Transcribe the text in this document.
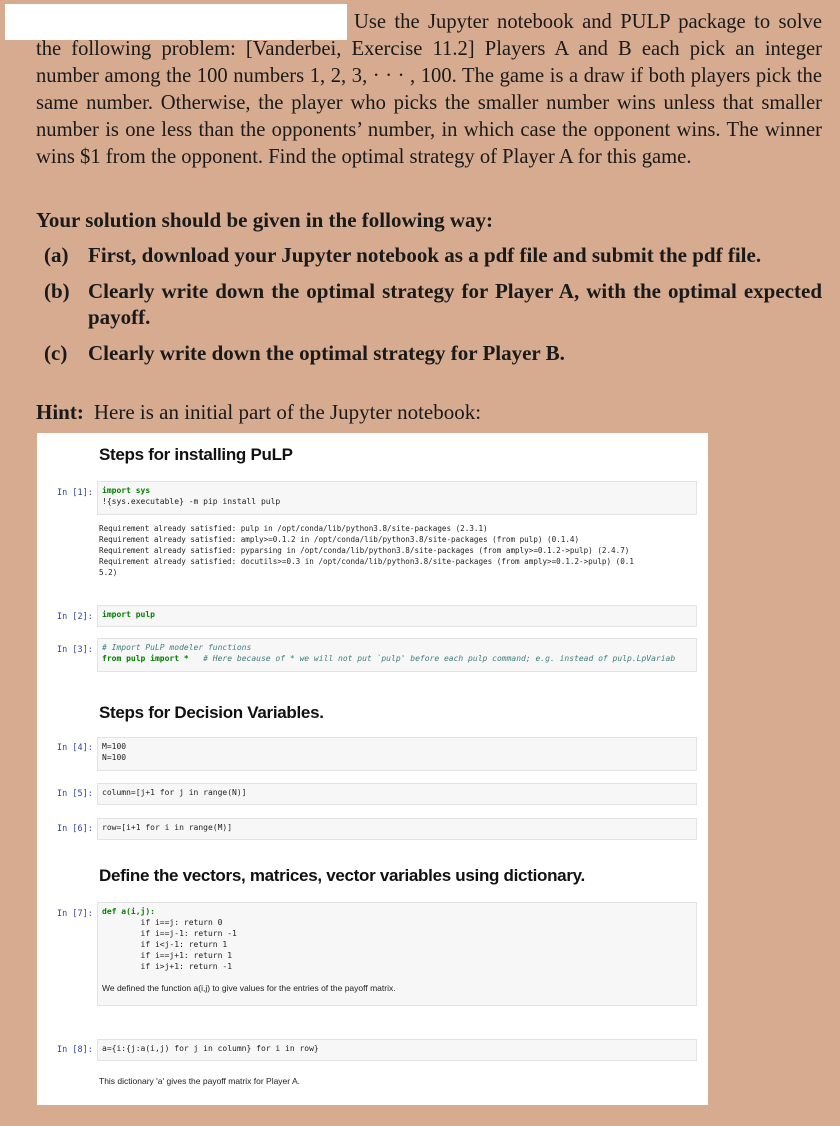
Use the Jupyter notebook and PULP package to solve the following problem: [Vanderbei, Exercise 11.2] Players A and B each pick an integer number among the 100 numbers 1, 2, 3, · · · , 100. The game is a draw if both players pick the same number. Otherwise, the player who picks the smaller number wins unless that smaller number is one less than the opponents’ number, in which case the opponent wins. The winner wins $1 from the opponent. Find the optimal strategy of Player A for this game.

Your solution should be given in the following way:

(a) First, download your Jupyter notebook as a pdf file and submit the pdf file.
(b) Clearly write down the optimal strategy for Player A, with the optimal expected payoff.
(c) Clearly write down the optimal strategy for Player B.

Hint: Here is an initial part of the Jupyter notebook:

Steps for installing PuLP
In [1]:	import sys
!{sys.executable} -m pip install pulp
Requirement already satisfied: pulp in /opt/conda/lib/python3.8/site-packages (2.3.1)
Requirement already satisfied: amply>=0.1.2 in /opt/conda/lib/python3.8/site-packages (from pulp) (0.1.4)
Requirement already satisfied: pyparsing in /opt/conda/lib/python3.8/site-packages (from amply>=0.1.2->pulp) (2.4.7)
Requirement already satisfied: docutils>=0.3 in /opt/conda/lib/python3.8/site-packages (from amply>=0.1.2->pulp) (0.1
5.2)
In [2]:	import pulp
In [3]:	# Import PuLP modeler functions
from pulp import * # Here because of * we will not put `pulp' before each pulp command; e.g. instead of pulp.LpVariab
Steps for Decision Variables.
In [4]:	M=100
N=100
In [5]:	column=[j+1 for j in range(N)]
In [6]:	row=[i+1 for i in range(M)]
Define the vectors, matrices, vector variables using dictionary.
In [7]:	def a(i,j):
if i==j: return 0
if i==j-1: return -1
if i<j-1: return 1
if i==j+1: return 1
if i>j+1: return -1

We defined the function a(i,j) to give values for the entries of the payoff matrix.
In [8]:	a={i:{j:a(i,j) for j in column} for i in row}
This dictionary 'a' gives the payoff matrix for Player A.
